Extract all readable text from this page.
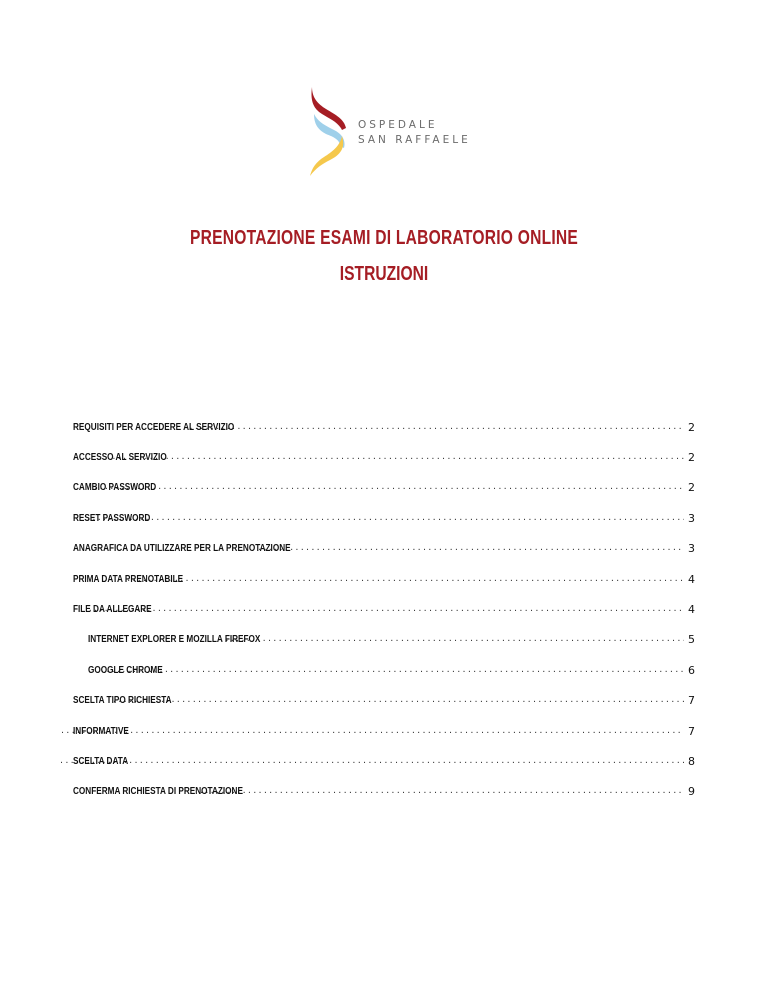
OSPEDALE
SAN RAFFAELE
PRENOTAZIONE ESAMI DI LABORATORIO ONLINE
ISTRUZIONI
REQUISITI PER ACCEDERE AL SERVIZIO .....	2
ACCESSO AL SERVIZIO .....	2
CAMBIO PASSWORD .....	2
RESET PASSWORD .....	3
ANAGRAFICA DA UTILIZZARE PER LA PRENOTAZIONE .....	3
PRIMA DATA PRENOTABILE .....	4
FILE DA ALLEGARE .....	4
INTERNET EXPLORER E MOZILLA FIREFOX .....	5
GOOGLE CHROME .....	6
SCELTA TIPO RICHIESTA .....	7
INFORMATIVE .....	7
SCELTA DATA .....	8
CONFERMA RICHIESTA DI PRENOTAZIONE .....	9
